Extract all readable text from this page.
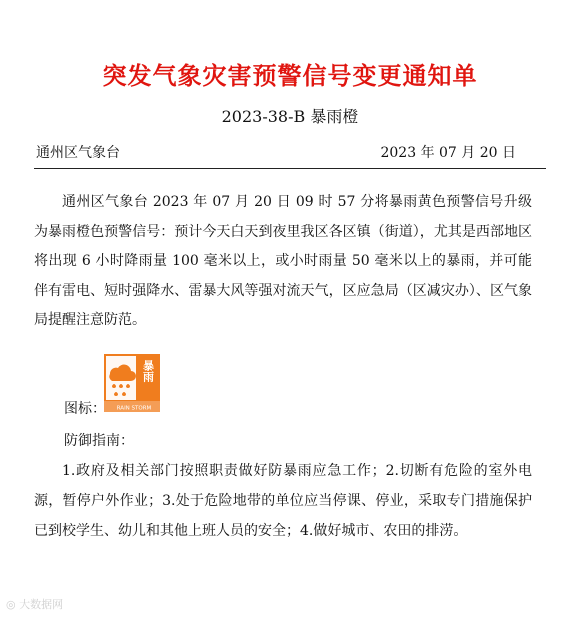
突发气象灾害预警信号变更通知单
2023-38-B 暴雨橙
通州区气象台	2023 年 07 月 20 日
通州区气象台 2023 年 07 月 20 日 09 时 57 分将暴雨黄色预警信号升级为暴雨橙色预警信号：预计今天白天到夜里我区各区镇（街道），尤其是西部地区将出现 6 小时降雨量 100 毫米以上，或小时雨量 50 毫米以上的暴雨，并可能伴有雷电、短时强降水、雷暴大风等强对流天气，区应急局（区减灾办）、区气象局提醒注意防范。
暴雨
RAIN STORM
图标：
防御指南：
1.政府及相关部门按照职责做好防暴雨应急工作；2.切断有危险的室外电源，暂停户外作业；3.处于危险地带的单位应当停课、停业，采取专门措施保护已到校学生、幼儿和其他上班人员的安全；4.做好城市、农田的排涝。
◎ 大数据网
